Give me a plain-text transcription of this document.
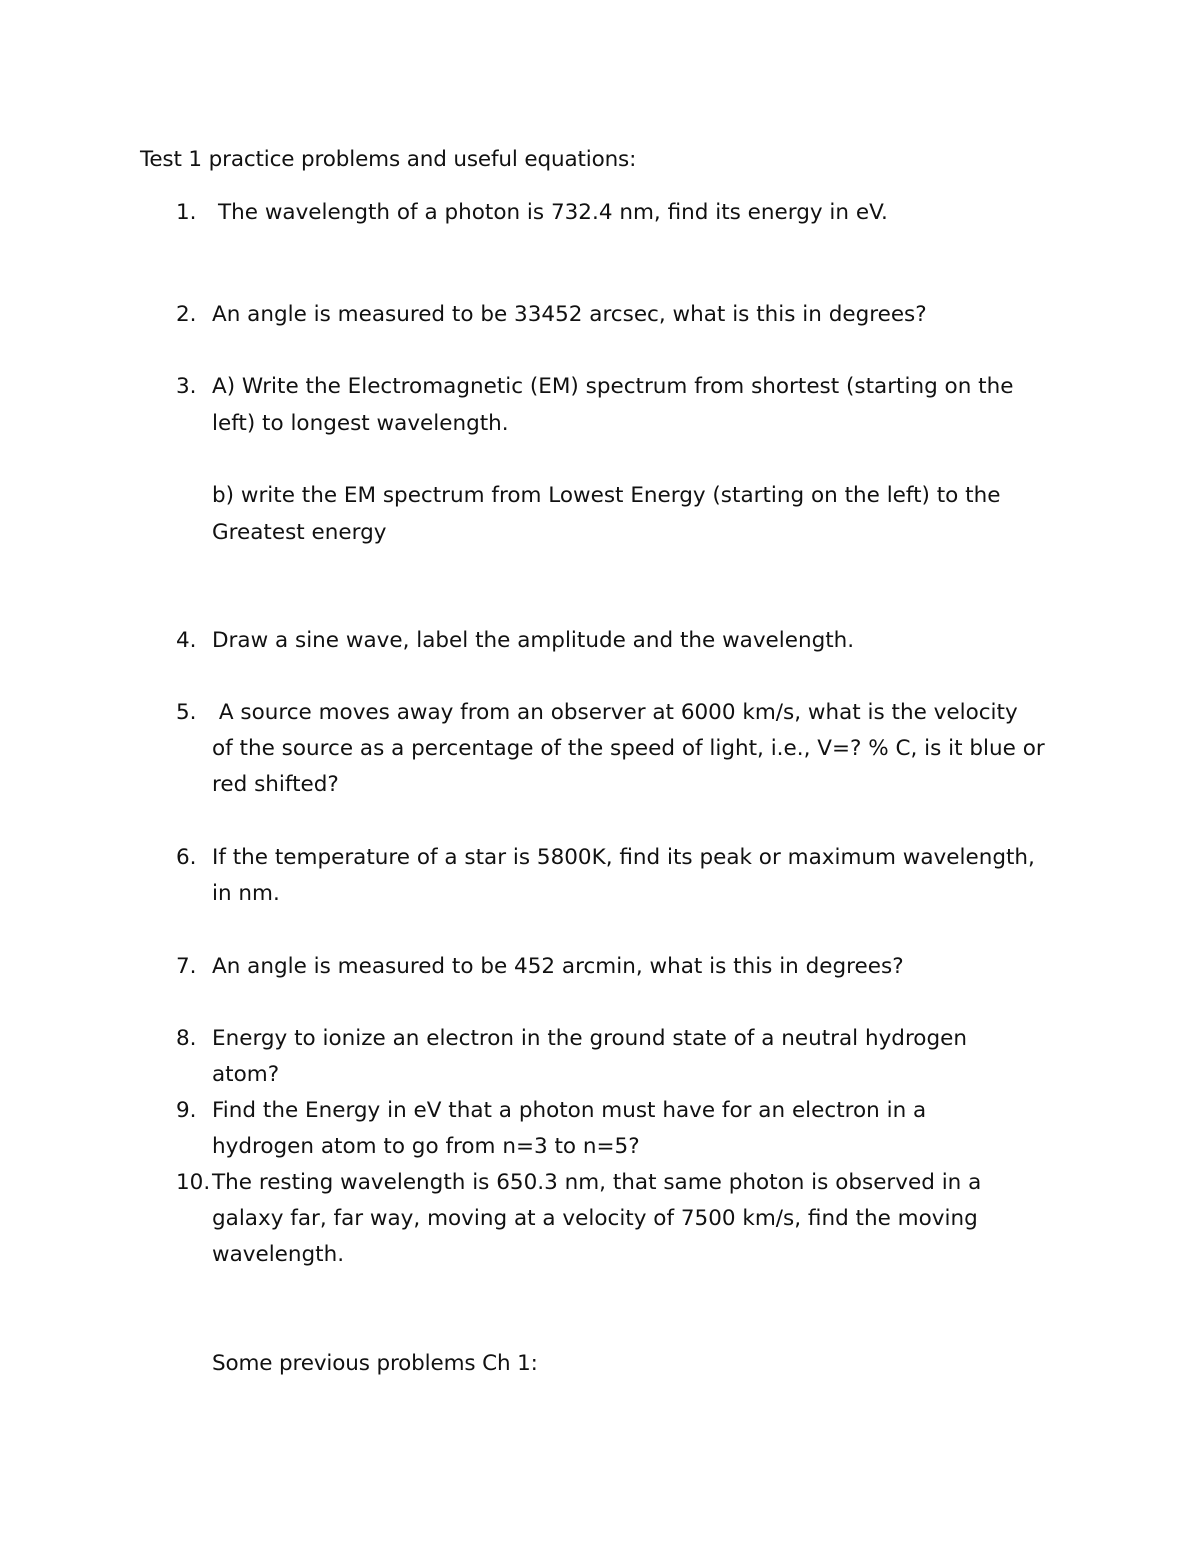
Test 1 practice problems and useful equations:
1. The wavelength of a photon is 732.4 nm, find its energy in eV.
2. An angle is measured to be 33452 arcsec, what is this in degrees?
3. A) Write the Electromagnetic (EM) spectrum from shortest (starting on the
left) to longest wavelength.
b) write the EM spectrum from Lowest Energy (starting on the left) to the
Greatest energy
4. Draw a sine wave, label the amplitude and the wavelength.
5. A source moves away from an observer at 6000 km/s, what is the velocity
of the source as a percentage of the speed of light, i.e., V=? % C, is it blue or
red shifted?
6. If the temperature of a star is 5800K, find its peak or maximum wavelength,
in nm.
7. An angle is measured to be 452 arcmin, what is this in degrees?
8. Energy to ionize an electron in the ground state of a neutral hydrogen
atom?
9. Find the Energy in eV that a photon must have for an electron in a
hydrogen atom to go from n=3 to n=5?
10. The resting wavelength is 650.3 nm, that same photon is observed in a
galaxy far, far way, moving at a velocity of 7500 km/s, find the moving
wavelength.
Some previous problems Ch 1:
